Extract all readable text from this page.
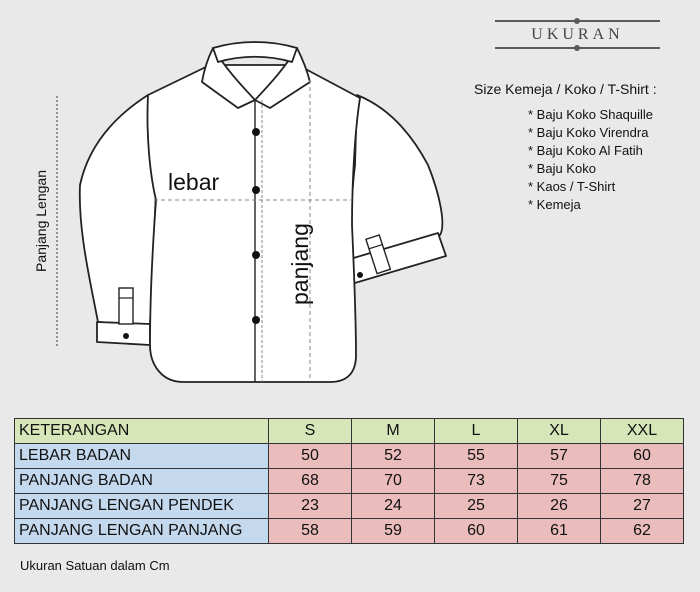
lebar
panjang
Panjang Lengan
UKURAN
Size Kemeja / Koko / T-Shirt :
* Baju Koko Shaquille
* Baju Koko Virendra
* Baju Koko Al Fatih
* Baju Koko
* Kaos / T-Shirt
* Kemeja
KETERANGAN	S	M	L	XL	XXL
LEBAR BADAN	50	52	55	57	60
PANJANG BADAN	68	70	73	75	78
PANJANG LENGAN PENDEK	23	24	25	26	27
PANJANG LENGAN PANJANG	58	59	60	61	62
Ukuran Satuan dalam Cm
